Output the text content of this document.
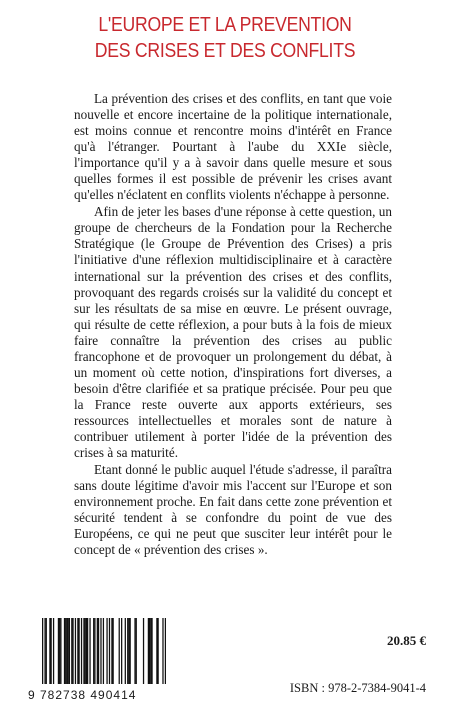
L'EUROPE ET LA PREVENTION
DES CRISES ET DES CONFLITS

La prévention des crises et des conflits, en tant que voie nouvelle et encore incertaine de la politique internationale, est moins connue et rencontre moins d'intérêt en France qu'à l'étranger. Pourtant à l'aube du XXIe siècle, l'importance qu'il y a à savoir dans quelle mesure et sous quelles formes il est possible de prévenir les crises avant qu'elles n'éclatent en conflits violents n'échappe à personne.

Afin de jeter les bases d'une réponse à cette question, un groupe de chercheurs de la Fondation pour la Recherche Stratégique (le Groupe de Prévention des Crises) a pris l'initiative d'une réflexion multidisciplinaire et à caractère international sur la prévention des crises et des conflits, provoquant des regards croisés sur la validité du concept et sur les résultats de sa mise en œuvre. Le présent ouvrage, qui résulte de cette réflexion, a pour buts à la fois de mieux faire connaître la prévention des crises au public francophone et de provoquer un prolongement du débat, à un moment où cette notion, d'inspirations fort diverses, a besoin d'être clarifiée et sa pratique précisée. Pour peu que la France reste ouverte aux apports extérieurs, ses ressources intellectuelles et morales sont de nature à contribuer utilement à porter l'idée de la prévention des crises à sa maturité.

Etant donné le public auquel l'étude s'adresse, il paraîtra sans doute légitime d'avoir mis l'accent sur l'Europe et son environnement proche. En fait dans cette zone prévention et sécurité tendent à se confondre du point de vue des Européens, ce qui ne peut que susciter leur intérêt pour le concept de « prévention des crises ».

9 782738 490414
20.85 €
ISBN : 978-2-7384-9041-4
